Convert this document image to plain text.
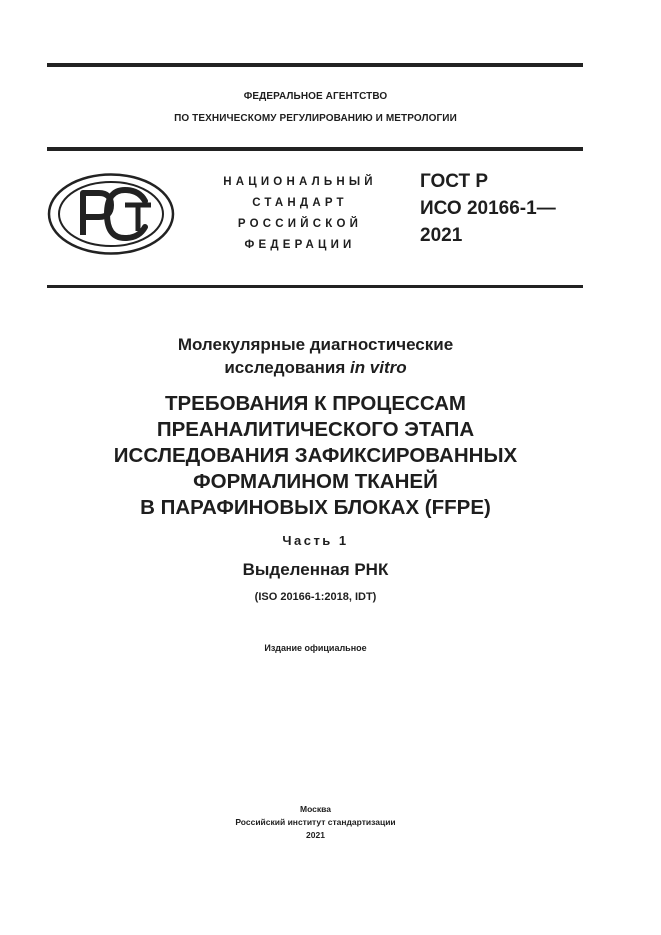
ФЕДЕРАЛЬНОЕ АГЕНТСТВО
ПО ТЕХНИЧЕСКОМУ РЕГУЛИРОВАНИЮ И МЕТРОЛОГИИ
НАЦИОНАЛЬНЫЙ
СТАНДАРТ
РОССИЙСКОЙ
ФЕДЕРАЦИИ
ГОСТ Р
ИСО 20166-1—
2021
Молекулярные диагностические
исследования in vitro
ТРЕБОВАНИЯ К ПРОЦЕССАМ
ПРЕАНАЛИТИЧЕСКОГО ЭТАПА
ИССЛЕДОВАНИЯ ЗАФИКСИРОВАННЫХ
ФОРМАЛИНОМ ТКАНЕЙ
В ПАРАФИНОВЫХ БЛОКАХ (FFPE)
Часть 1
Выделенная РНК
(ISO 20166-1:2018, IDT)
Издание официальное
Москва
Российский институт стандартизации
2021
